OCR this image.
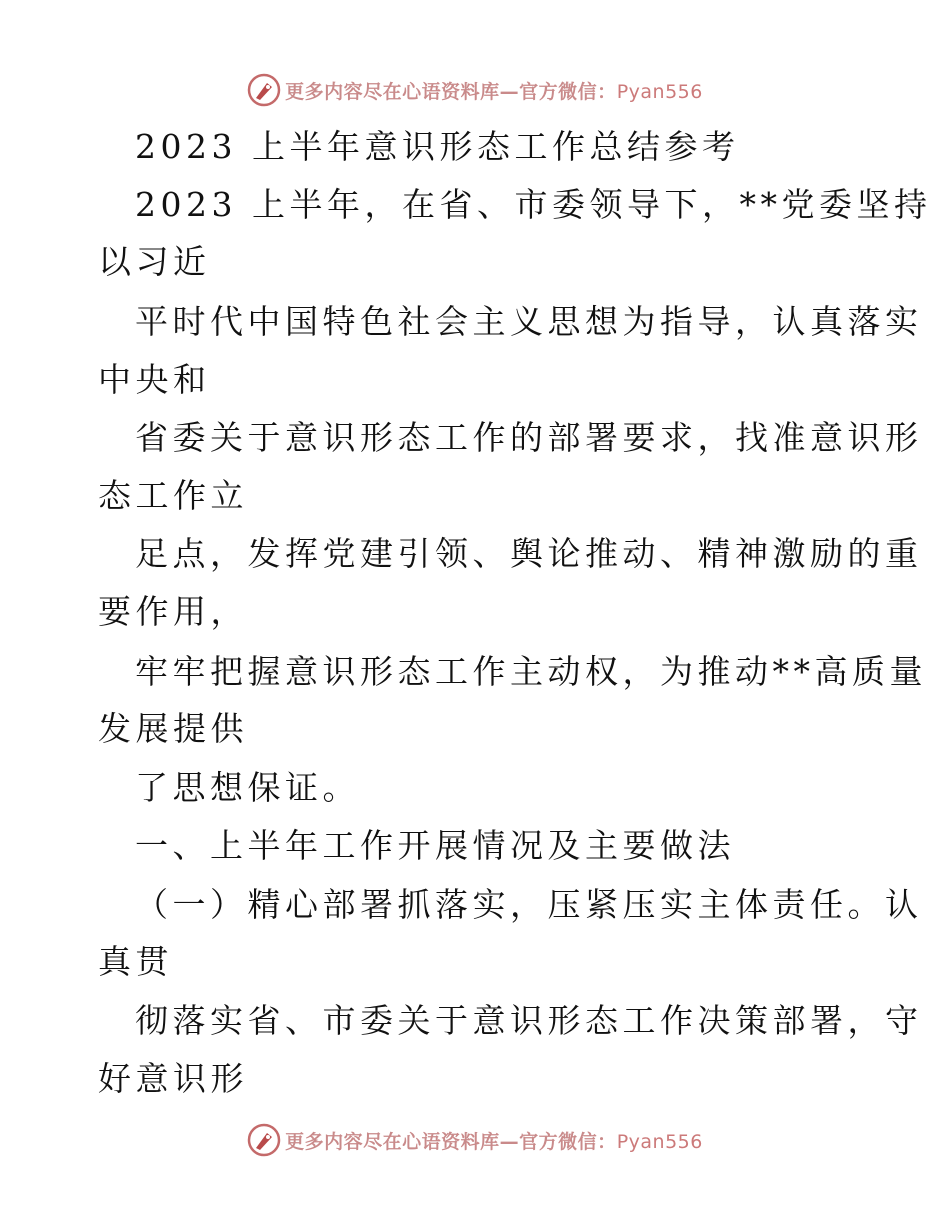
更多内容尽在心语资料库—官方微信：Pyan556
2023 上半年意识形态工作总结参考
2023 上半年，在省、市委领导下，**党委坚持
以习近
平时代中国特色社会主义思想为指导，认真落实
中央和
省委关于意识形态工作的部署要求，找准意识形
态工作立
足点，发挥党建引领、舆论推动、精神激励的重
要作用，
牢牢把握意识形态工作主动权，为推动**高质量
发展提供
了思想保证。
一、上半年工作开展情况及主要做法
（一）精心部署抓落实，压紧压实主体责任。认
真贯
彻落实省、市委关于意识形态工作决策部署，守
好意识形
更多内容尽在心语资料库—官方微信：Pyan556
